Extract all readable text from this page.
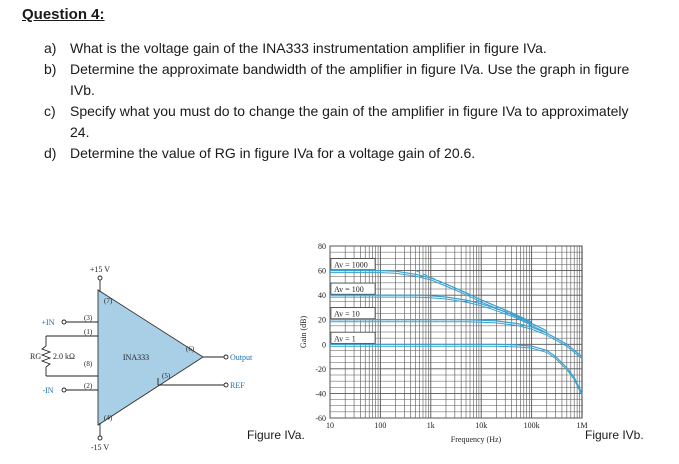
Question 4:
a) What is the voltage gain of the INA333 instrumentation amplifier in figure IVa.
b) Determine the approximate bandwidth of the amplifier in figure IVa. Use the graph in figure IVb.
c)	Specify what you must do to change the gain of the amplifier in figure IVa to approximately 24.
d) Determine the value of RG in figure IVa for a voltage gain of 20.6.
+15 V
-15 V
INA333
+IN
-IN
RG 2.0 kΩ	Output
REF
(7)
(3)
(1)
(8)
(2)
(4)
(6)
(5)
Figure IVa.
80
60
40
20
0
-20
-40
-60
10	100	1k	10k	100k	1M
Frequency (Hz)
Gain (dB)
Av = 1000
Av = 100
Av = 10
Av = 1
Figure IVb.
